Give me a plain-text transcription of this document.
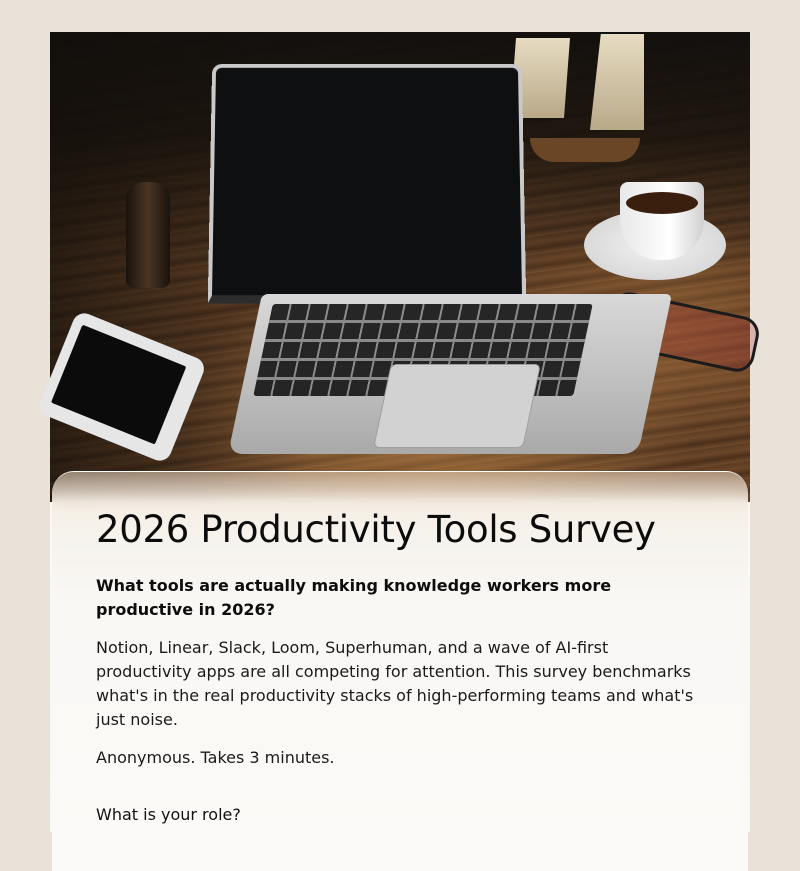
2026 Productivity Tools Survey

What tools are actually making knowledge workers more productive in 2026?

Notion, Linear, Slack, Loom, Superhuman, and a wave of AI-first productivity apps are all competing for attention. This survey benchmarks what's in the real productivity stacks of high-performing teams and what's just noise.

Anonymous. Takes 3 minutes.

What is your role?
